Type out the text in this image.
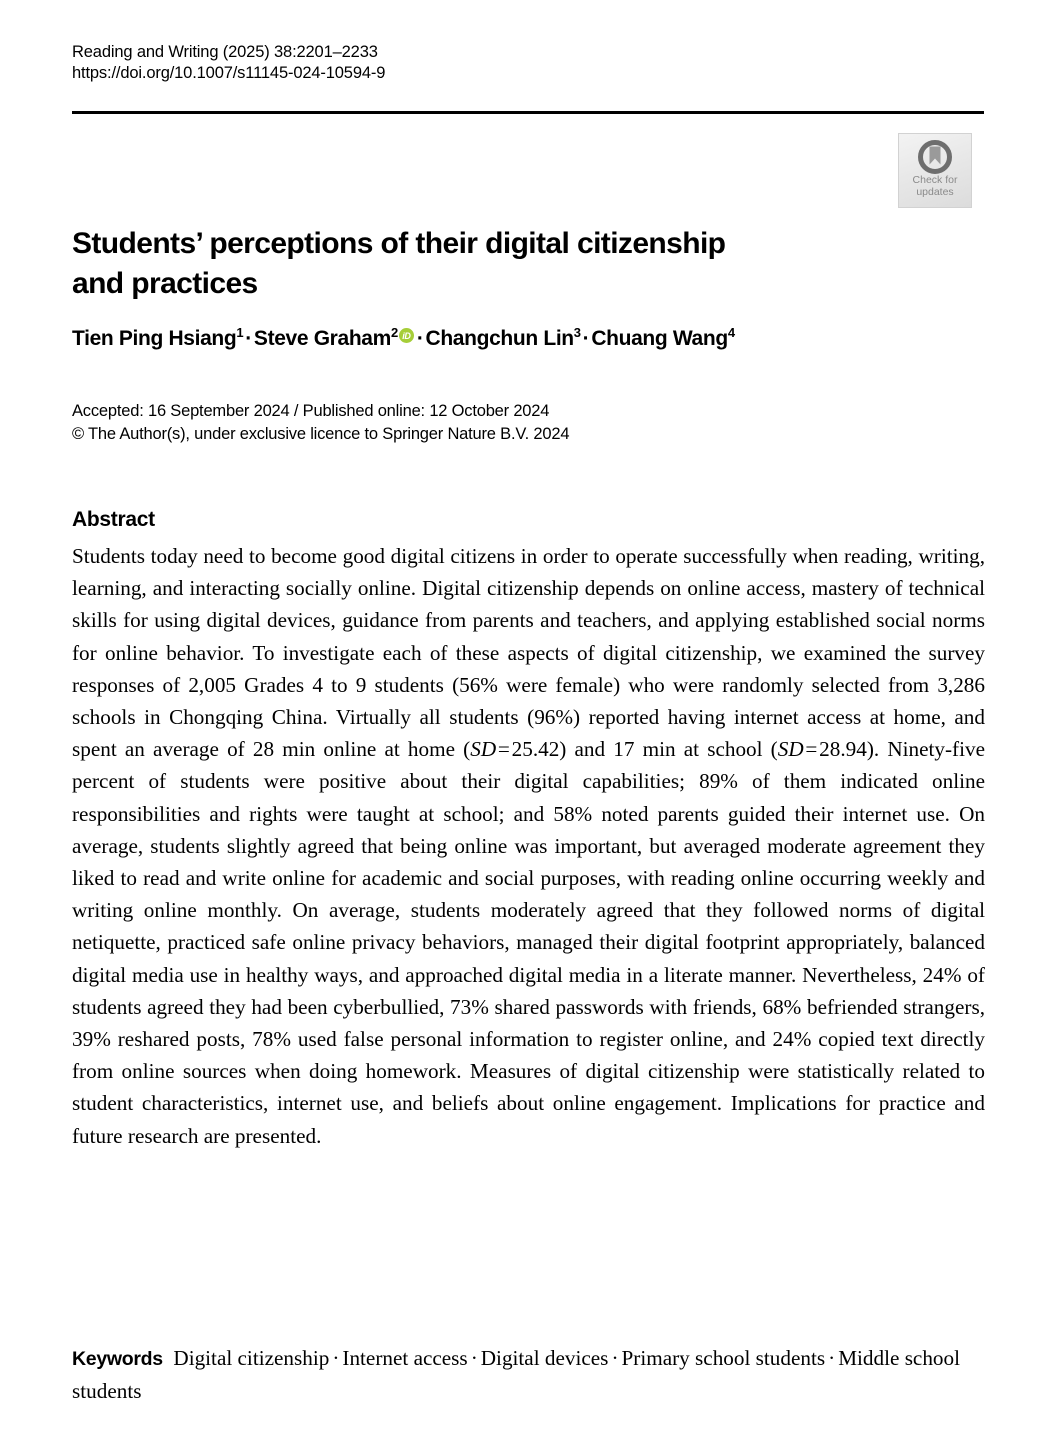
Reading and Writing (2025) 38:2201–2233
https://doi.org/10.1007/s11145-024-10594-9
Check for
updates
Students’ perceptions of their digital citizenship
and practices
Tien Ping Hsiang$^1$·Steve Graham$^2$ iD ·Changchun Lin$^3$·Chuang Wang$^4$
Accepted: 16 September 2024 / Published online: 12 October 2024
© The Author(s), under exclusive licence to Springer Nature B.V. 2024
Abstract
Students today need to become good digital citizens in order to operate successfully when reading, writing, learning, and interacting socially online. Digital citizenship depends on online access, mastery of technical skills for using digital devices, guidance from parents and teachers, and applying established social norms for online behavior. To investigate each of these aspects of digital citizenship, we examined the survey responses of 2,005 Grades 4 to 9 students (56% were female) who were randomly selected from 3,286 schools in Chongqing China. Virtually all students (96%) reported having internet access at home, and spent an average of 28 min online at home (SD = 25.42) and 17 min at school (SD = 28.94). Ninety-five percent of students were positive about their digital capabilities; 89% of them indicated online responsibilities and rights were taught at school; and 58% noted parents guided their internet use. On average, students slightly agreed that being online was important, but averaged moderate agreement they liked to read and write online for academic and social purposes, with reading online occurring weekly and writing online monthly. On average, students moderately agreed that they followed norms of digital netiquette, practiced safe online privacy behaviors, managed their digital footprint appropriately, balanced digital media use in healthy ways, and approached digital media in a literate manner. Nevertheless, 24% of students agreed they had been cyberbullied, 73% shared passwords with friends, 68% befriended strangers, 39% reshared posts, 78% used false personal information to register online, and 24% copied text directly from online sources when doing homework. Measures of digital citizenship were statistically related to student characteristics, internet use, and beliefs about online engagement. Implications for practice and future research are presented.
Keywords Digital citizenship · Internet access · Digital devices · Primary school students · Middle school students
